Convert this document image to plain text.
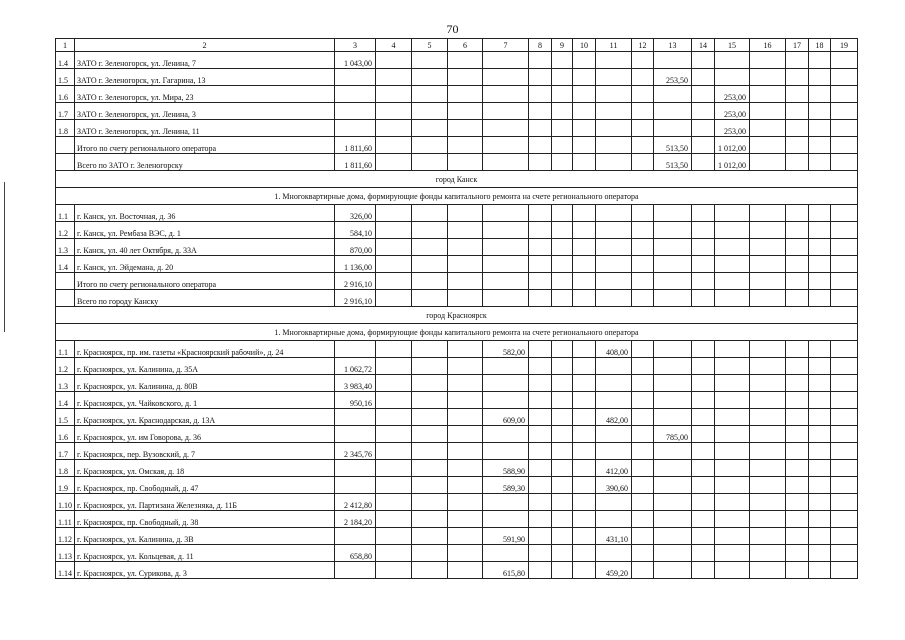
70
1	2	3	4	5	6	7	8	9	10	11	12	13	14	15	16	17	18	19
1.4	ЗАТО г. Зеленогорск, ул. Ленина, 7	1 043,00																
1.5	ЗАТО г. Зеленогорск, ул. Гагарина, 13											253,50						
1.6	ЗАТО г. Зеленогорск, ул. Мира, 23													253,00				
1.7	ЗАТО г. Зеленогорск, ул. Ленина, 3													253,00				
1.8	ЗАТО г. Зеленогорск, ул. Ленина, 11													253,00				
	Итого по счету регионального оператора	1 811,60										513,50		1 012,00				
	Всего по ЗАТО г. Зеленогорску	1 811,60										513,50		1 012,00				
город Канск																		
1. Многоквартирные дома, формирующие фонды капитального ремонта на счете регионального оператора																		
1.1	г. Канск, ул. Восточная, д. 36	326,00																
1.2	г. Канск, ул. Рембаза ВЭС, д. 1	584,10																
1.3	г. Канск, ул. 40 лет Октября, д. 33А	870,00																
1.4	г. Канск, ул. Эйдемана, д. 20	1 136,00																
	Итого по счету регионального оператора	2 916,10																
	Всего по городу Канску	2 916,10																
город Красноярск																		
1. Многоквартирные дома, формирующие фонды капитального ремонта на счете регионального оператора																		
1.1	г. Красноярск, пр. им. газеты «Красноярский рабочий», д. 24					582,00				408,00								
1.2	г. Красноярск, ул. Калинина, д. 35А	1 062,72																
1.3	г. Красноярск, ул. Калинина, д. 80В	3 983,40																
1.4	г. Красноярск, ул. Чайковского, д. 1	950,16																
1.5	г. Красноярск, ул. Краснодарская, д. 13А					609,00				482,00								
1.6	г. Красноярск, ул. им Говорова, д. 36											785,00						
1.7	г. Красноярск, пер. Вузовский, д. 7	2 345,76																
1.8	г. Красноярск, ул. Омская, д. 18					588,90				412,00								
1.9	г. Красноярск, пр. Свободный, д. 47					589,30				390,60								
1.10	г. Красноярск, ул. Партизана Железняка, д. 11Б	2 412,80																
1.11	г. Красноярск, пр. Свободный, д. 38	2 184,20																
1.12	г. Красноярск, ул. Калинина, д. 3В					591,90				431,10								
1.13	г. Красноярск, ул. Кольцевая, д. 11	658,80																
1.14	г. Красноярск, ул. Сурикова, д. 3					615,80				459,20								
